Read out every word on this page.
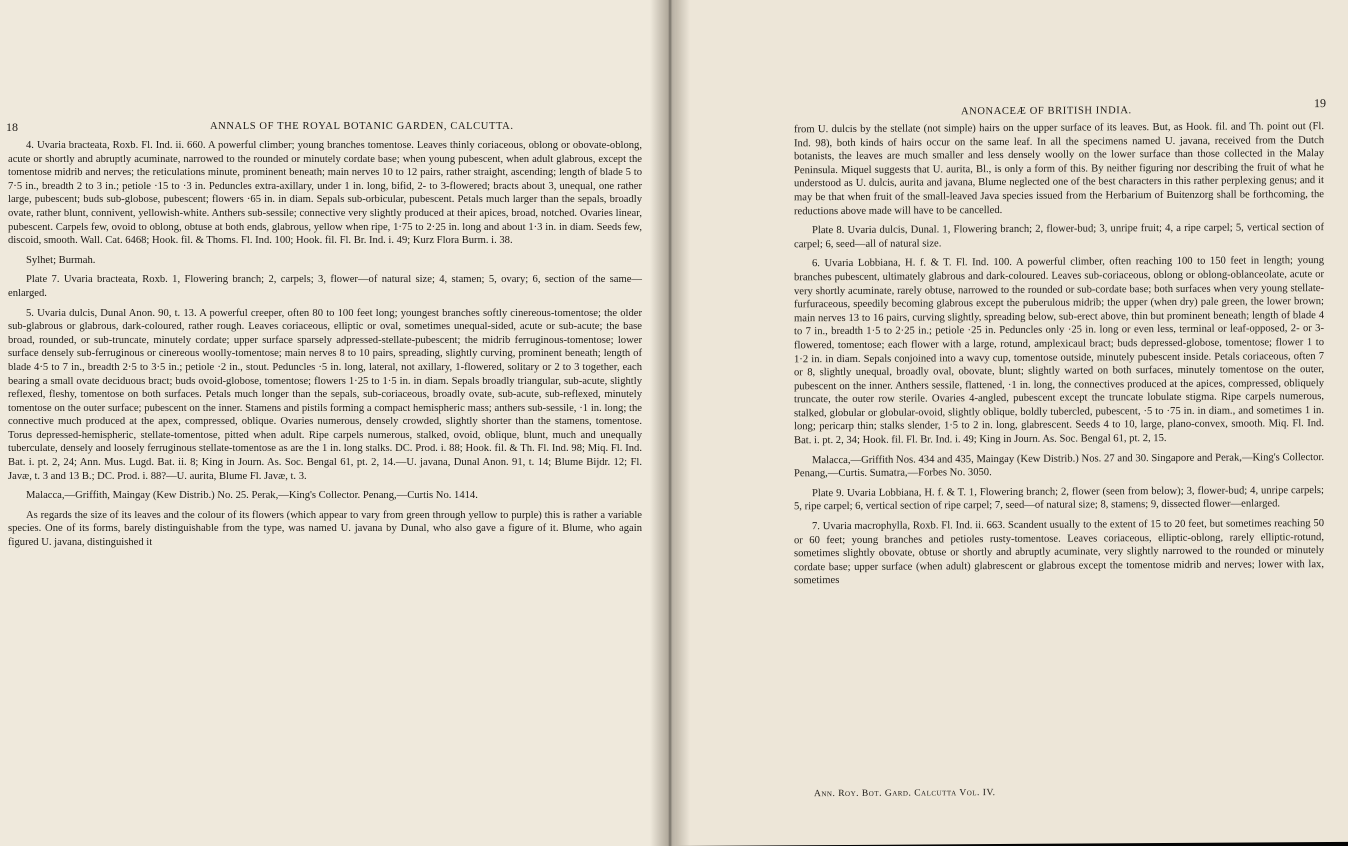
18	ANNALS OF THE ROYAL BOTANIC GARDEN, CALCUTTA.

4. Uvaria bracteata, Roxb. Fl. Ind. ii. 660. A powerful climber; young branches tomentose. Leaves thinly coriaceous, oblong or obovate-oblong, acute or shortly and abruptly acuminate, narrowed to the rounded or minutely cordate base; when young pubescent, when adult glabrous, except the tomentose midrib and nerves; the reticulations minute, prominent beneath; main nerves 10 to 12 pairs, rather straight, ascending; length of blade 5 to 7·5 in., breadth 2 to 3 in.; petiole ·15 to ·3 in. Peduncles extra-axillary, under 1 in. long, bifid, 2- to 3-flowered; bracts about 3, unequal, one rather large, pubescent; buds sub-globose, pubescent; flowers ·65 in. in diam. Sepals sub-orbicular, pubescent. Petals much larger than the sepals, broadly ovate, rather blunt, connivent, yellowish-white. Anthers sub-sessile; connective very slightly produced at their apices, broad, notched. Ovaries linear, pubescent. Carpels few, ovoid to oblong, obtuse at both ends, glabrous, yellow when ripe, 1·75 to 2·25 in. long and about 1·3 in. in diam. Seeds few, discoid, smooth. Wall. Cat. 6468; Hook. fil. & Thoms. Fl. Ind. 100; Hook. fil. Fl. Br. Ind. i. 49; Kurz Flora Burm. i. 38.

Sylhet; Burmah.

Plate 7. Uvaria bracteata, Roxb. 1, Flowering branch; 2, carpels; 3, flower—of natural size; 4, stamen; 5, ovary; 6, section of the same—enlarged.

5. Uvaria dulcis, Dunal Anon. 90, t. 13. A powerful creeper, often 80 to 100 feet long; youngest branches softly cinereous-tomentose; the older sub-glabrous or glabrous, dark-coloured, rather rough. Leaves coriaceous, elliptic or oval, sometimes unequal-sided, acute or sub-acute; the base broad, rounded, or sub-truncate, minutely cordate; upper surface sparsely adpressed-stellate-pubescent; the midrib ferruginous-tomentose; lower surface densely sub-ferruginous or cinereous woolly-tomentose; main nerves 8 to 10 pairs, spreading, slightly curving, prominent beneath; length of blade 4·5 to 7 in., breadth 2·5 to 3·5 in.; petiole ·2 in., stout. Peduncles ·5 in. long, lateral, not axillary, 1-flowered, solitary or 2 to 3 together, each bearing a small ovate deciduous bract; buds ovoid-globose, tomentose; flowers 1·25 to 1·5 in. in diam. Sepals broadly triangular, sub-acute, slightly reflexed, fleshy, tomentose on both surfaces. Petals much longer than the sepals, sub-coriaceous, broadly ovate, sub-acute, sub-reflexed, minutely tomentose on the outer surface; pubescent on the inner. Stamens and pistils forming a compact hemispheric mass; anthers sub-sessile, ·1 in. long; the connective much produced at the apex, compressed, oblique. Ovaries numerous, densely crowded, slightly shorter than the stamens, tomentose. Torus depressed-hemispheric, stellate-tomentose, pitted when adult. Ripe carpels numerous, stalked, ovoid, oblique, blunt, much and unequally tuberculate, densely and loosely ferruginous stellate-tomentose as are the 1 in. long stalks. DC. Prod. i. 88; Hook. fil. & Th. Fl. Ind. 98; Miq. Fl. Ind. Bat. i. pt. 2, 24; Ann. Mus. Lugd. Bat. ii. 8; King in Journ. As. Soc. Bengal 61, pt. 2, 14.—U. javana, Dunal Anon. 91, t. 14; Blume Bijdr. 12; Fl. Javæ, t. 3 and 13 B.; DC. Prod. i. 88?—U. aurita, Blume Fl. Javæ, t. 3.

Malacca,—Griffith, Maingay (Kew Distrib.) No. 25. Perak,—King's Collector. Penang,—Curtis No. 1414.

As regards the size of its leaves and the colour of its flowers (which appear to vary from green through yellow to purple) this is rather a variable species. One of its forms, barely distinguishable from the type, was named U. javana by Dunal, who also gave a figure of it. Blume, who again figured U. javana, distinguished it

19
ANONACEÆ OF BRITISH INDIA.

from U. dulcis by the stellate (not simple) hairs on the upper surface of its leaves. But, as Hook. fil. and Th. point out (Fl. Ind. 98), both kinds of hairs occur on the same leaf. In all the specimens named U. javana, received from the Dutch botanists, the leaves are much smaller and less densely woolly on the lower surface than those collected in the Malay Peninsula. Miquel suggests that U. aurita, Bl., is only a form of this. By neither figuring nor describing the fruit of what he understood as U. dulcis, aurita and javana, Blume neglected one of the best characters in this rather perplexing genus; and it may be that when fruit of the small-leaved Java species issued from the Herbarium of Buitenzorg shall be forthcoming, the reductions above made will have to be cancelled.

Plate 8. Uvaria dulcis, Dunal. 1, Flowering branch; 2, flower-bud; 3, unripe fruit; 4, a ripe carpel; 5, vertical section of carpel; 6, seed—all of natural size.

6. Uvaria Lobbiana, H. f. & T. Fl. Ind. 100. A powerful climber, often reaching 100 to 150 feet in length; young branches pubescent, ultimately glabrous and dark-coloured. Leaves sub-coriaceous, oblong or oblong-oblanceolate, acute or very shortly acuminate, rarely obtuse, narrowed to the rounded or sub-cordate base; both surfaces when very young stellate-furfuraceous, speedily becoming glabrous except the puberulous midrib; the upper (when dry) pale green, the lower brown; main nerves 13 to 16 pairs, curving slightly, spreading below, sub-erect above, thin but prominent beneath; length of blade 4 to 7 in., breadth 1·5 to 2·25 in.; petiole ·25 in. Peduncles only ·25 in. long or even less, terminal or leaf-opposed, 2- or 3-flowered, tomentose; each flower with a large, rotund, amplexicaul bract; buds depressed-globose, tomentose; flower 1 to 1·2 in. in diam. Sepals conjoined into a wavy cup, tomentose outside, minutely pubescent inside. Petals coriaceous, often 7 or 8, slightly unequal, broadly oval, obovate, blunt; slightly warted on both surfaces, minutely tomentose on the outer, pubescent on the inner. Anthers sessile, flattened, ·1 in. long, the connectives produced at the apices, compressed, obliquely truncate, the outer row sterile. Ovaries 4-angled, pubescent except the truncate lobulate stigma. Ripe carpels numerous, stalked, globular or globular-ovoid, slightly oblique, boldly tubercled, pubescent, ·5 to ·75 in. in diam., and sometimes 1 in. long; pericarp thin; stalks slender, 1·5 to 2 in. long, glabrescent. Seeds 4 to 10, large, plano-convex, smooth. Miq. Fl. Ind. Bat. i. pt. 2, 34; Hook. fil. Fl. Br. Ind. i. 49; King in Journ. As. Soc. Bengal 61, pt. 2, 15.

Malacca,—Griffith Nos. 434 and 435, Maingay (Kew Distrib.) Nos. 27 and 30. Singapore and Perak,—King's Collector. Penang,—Curtis. Sumatra,—Forbes No. 3050.

Plate 9. Uvaria Lobbiana, H. f. & T. 1, Flowering branch; 2, flower (seen from below); 3, flower-bud; 4, unripe carpels; 5, ripe carpel; 6, vertical section of ripe carpel; 7, seed—of natural size; 8, stamens; 9, dissected flower—enlarged.

7. Uvaria macrophylla, Roxb. Fl. Ind. ii. 663. Scandent usually to the extent of 15 to 20 feet, but sometimes reaching 50 or 60 feet; young branches and petioles rusty-tomentose. Leaves coriaceous, elliptic-oblong, rarely elliptic-rotund, sometimes slightly obovate, obtuse or shortly and abruptly acuminate, very slightly narrowed to the rounded or minutely cordate base; upper surface (when adult) glabrescent or glabrous except the tomentose midrib and nerves; lower with lax, sometimes

Ann. Roy. Bot. Gard. Calcutta Vol. IV.
